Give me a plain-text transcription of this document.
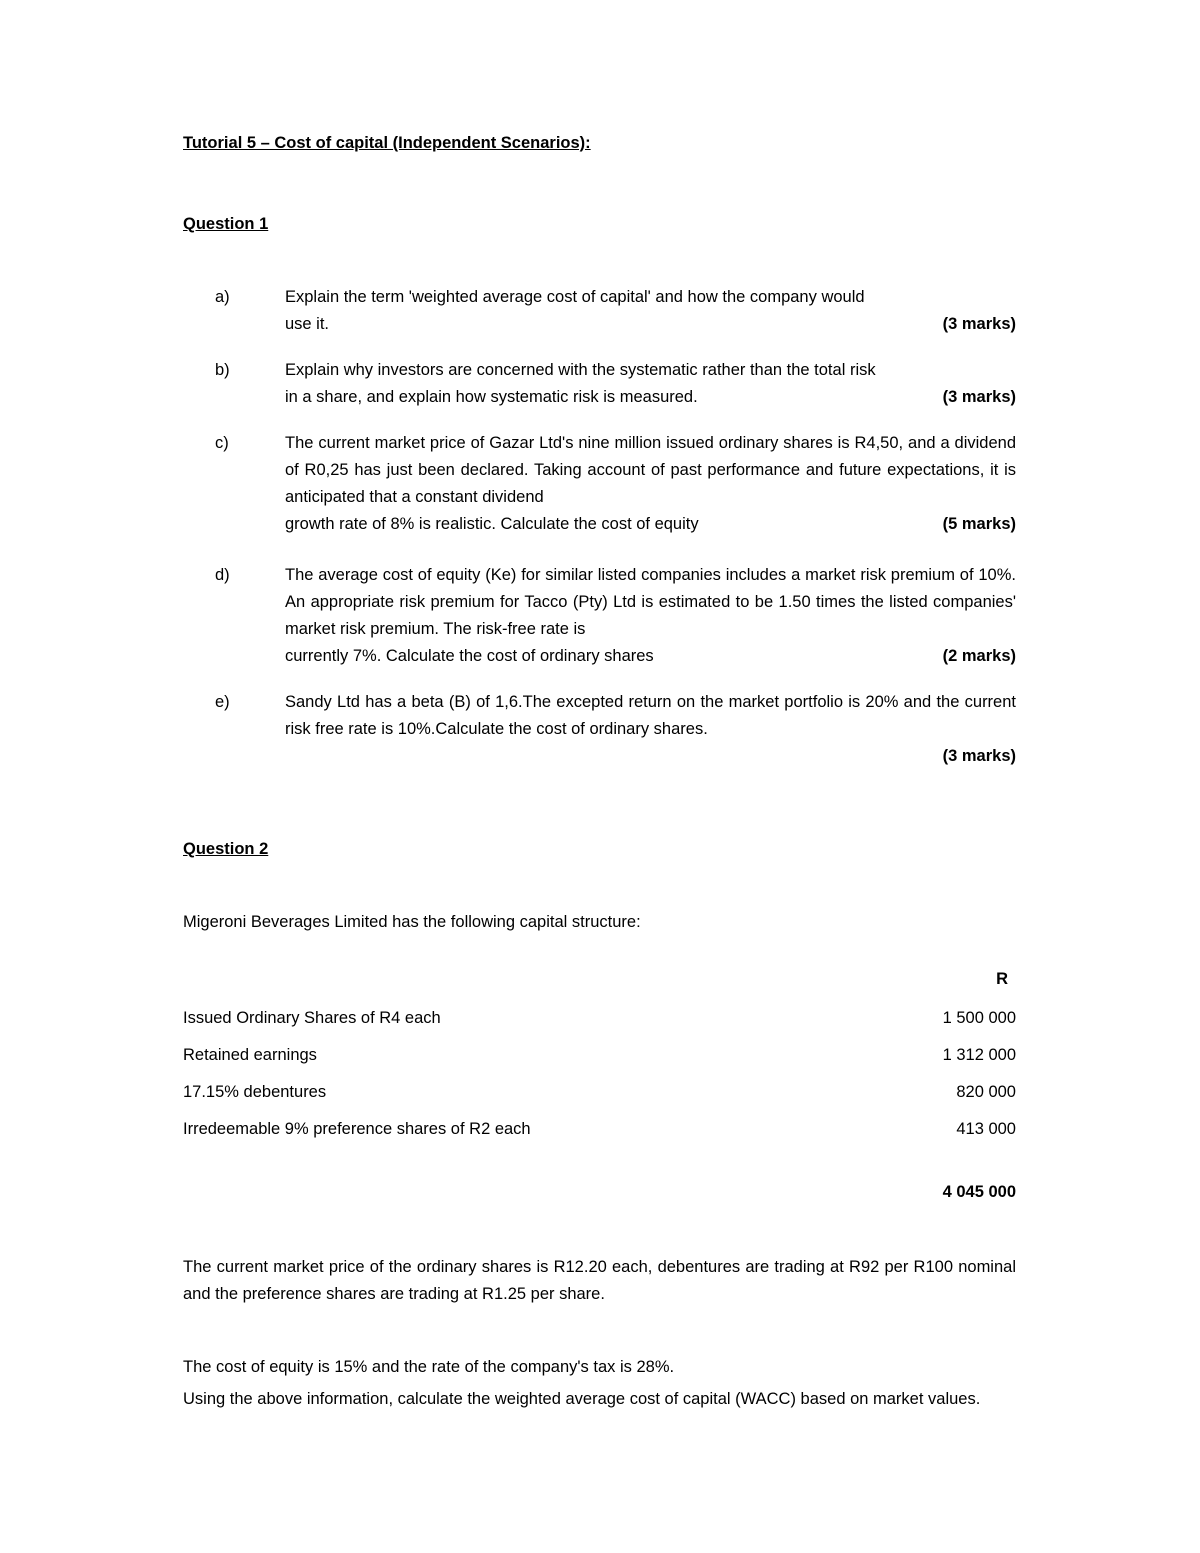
Tutorial 5 – Cost of capital (Independent Scenarios):
Question 1
a)	Explain the term 'weighted average cost of capital' and how the company would
use it.	(3 marks)
b)	Explain why investors are concerned with the systematic rather than the total risk
in a share, and explain how systematic risk is measured.	(3 marks)
c)	The current market price of Gazar Ltd's nine million issued ordinary shares is R4,50, and a dividend of R0,25 has just been declared. Taking account of past performance and future expectations, it is anticipated that a constant dividend
growth rate of 8% is realistic. Calculate the cost of equity	(5 marks)
d)	The average cost of equity (Ke) for similar listed companies includes a market risk premium of 10%. An appropriate risk premium for Tacco (Pty) Ltd is estimated to be 1.50 times the listed companies' market risk premium. The risk-free rate is
currently 7%. Calculate the cost of ordinary shares	(2 marks)
e)	Sandy Ltd has a beta (B) of 1,6.The excepted return on the market portfolio is 20% and the current risk free rate is 10%.Calculate the cost of ordinary shares.
(3 marks)
Question 2
Migeroni Beverages Limited has the following capital structure:
R
Issued Ordinary Shares of R4 each	1 500 000
Retained earnings	1 312 000
17.15% debentures	820 000
Irredeemable 9% preference shares of R2 each	413 000
4 045 000
The current market price of the ordinary shares is R12.20 each, debentures are trading at R92 per R100 nominal and the preference shares are trading at R1.25 per share.
The cost of equity is 15% and the rate of the company's tax is 28%.
Using the above information, calculate the weighted average cost of capital (WACC) based on market values.
